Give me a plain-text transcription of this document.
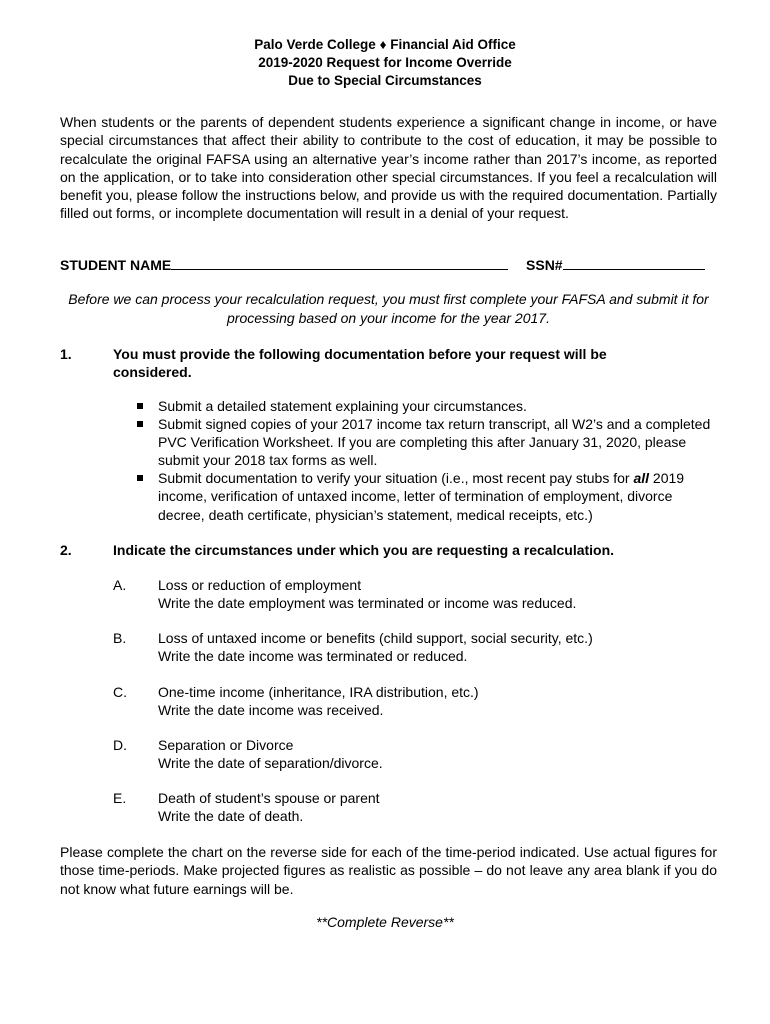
Palo Verde College ♦ Financial Aid Office
2019-2020 Request for Income Override
Due to Special Circumstances

When students or the parents of dependent students experience a significant change in income, or have special circumstances that affect their ability to contribute to the cost of education, it may be possible to recalculate the original FAFSA using an alternative year’s income rather than 2017’s income, as reported on the application, or to take into consideration other special circumstances. If you feel a recalculation will benefit you, please follow the instructions below, and provide us with the required documentation. Partially filled out forms, or incomplete documentation will result in a denial of your request.

STUDENT NAME	SSN#

Before we can process your recalculation request, you must first complete your FAFSA and submit it for processing based on your income for the year 2017.

1.	You must provide the following documentation before your request will be considered.

Submit a detailed statement explaining your circumstances.
Submit signed copies of your 2017 income tax return transcript, all W2’s and a completed PVC Verification Worksheet. If you are completing this after January 31, 2020, please submit your 2018 tax forms as well.
Submit documentation to verify your situation (i.e., most recent pay stubs for all 2019 income, verification of untaxed income, letter of termination of employment, divorce decree, death certificate, physician’s statement, medical receipts, etc.)
2.	Indicate the circumstances under which you are requesting a recalculation.

A. Loss or reduction of employment
Write the date employment was terminated or income was reduced.
B. Loss of untaxed income or benefits (child support, social security, etc.)
Write the date income was terminated or reduced.
C. One-time income (inheritance, IRA distribution, etc.)
Write the date income was received.
D. Separation or Divorce
Write the date of separation/divorce.
E. Death of student’s spouse or parent
Write the date of death.

Please complete the chart on the reverse side for each of the time-period indicated. Use actual figures for those time-periods. Make projected figures as realistic as possible – do not leave any area blank if you do not know what future earnings will be.

**Complete Reverse**
